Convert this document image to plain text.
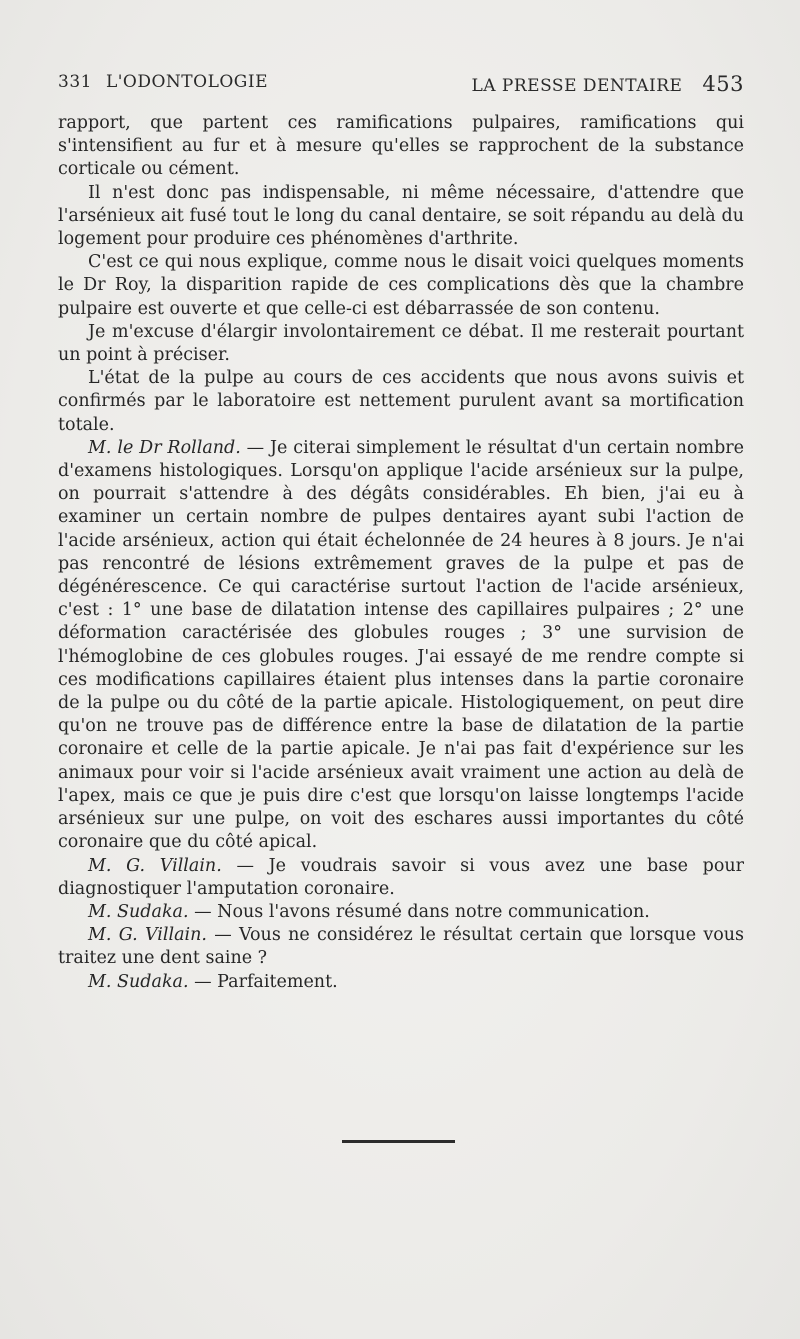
331 L'ODONTOLOGIE	LA PRESSE DENTAIRE 453

rapport, que partent ces ramifications pulpaires, ramifications qui s'intensifient au fur et à mesure qu'elles se rapprochent de la substance corticale ou cément.

Il n'est donc pas indispensable, ni même nécessaire, d'attendre que l'arsénieux ait fusé tout le long du canal dentaire, se soit répandu au delà du logement pour produire ces phénomènes d'arthrite.

C'est ce qui nous explique, comme nous le disait voici quelques moments le Dr Roy, la disparition rapide de ces complications dès que la chambre pulpaire est ouverte et que celle-ci est débarrassée de son contenu.

Je m'excuse d'élargir involontairement ce débat. Il me resterait pourtant un point à préciser.

L'état de la pulpe au cours de ces accidents que nous avons suivis et confirmés par le laboratoire est nettement purulent avant sa mortification totale.

M. le Dr Rolland. — Je citerai simplement le résultat d'un certain nombre d'examens histologiques. Lorsqu'on applique l'acide arsénieux sur la pulpe, on pourrait s'attendre à des dégâts considérables. Eh bien, j'ai eu à examiner un certain nombre de pulpes dentaires ayant subi l'action de l'acide arsénieux, action qui était échelonnée de 24 heures à 8 jours. Je n'ai pas rencontré de lésions extrêmement graves de la pulpe et pas de dégénérescence. Ce qui caractérise surtout l'action de l'acide arsénieux, c'est : 1° une base de dilatation intense des capillaires pulpaires ; 2° une déformation caractérisée des globules rouges ; 3° une survision de l'hémoglobine de ces globules rouges. J'ai essayé de me rendre compte si ces modifications capillaires étaient plus intenses dans la partie coronaire de la pulpe ou du côté de la partie apicale. Histologiquement, on peut dire qu'on ne trouve pas de différence entre la base de dilatation de la partie coronaire et celle de la partie apicale. Je n'ai pas fait d'expérience sur les animaux pour voir si l'acide arsénieux avait vraiment une action au delà de l'apex, mais ce que je puis dire c'est que lorsqu'on laisse longtemps l'acide arsénieux sur une pulpe, on voit des eschares aussi importantes du côté coronaire que du côté apical.

M. G. Villain. — Je voudrais savoir si vous avez une base pour diagnostiquer l'amputation coronaire.

M. Sudaka. — Nous l'avons résumé dans notre communication.

M. G. Villain. — Vous ne considérez le résultat certain que lorsque vous traitez une dent saine ?

M. Sudaka. — Parfaitement.
